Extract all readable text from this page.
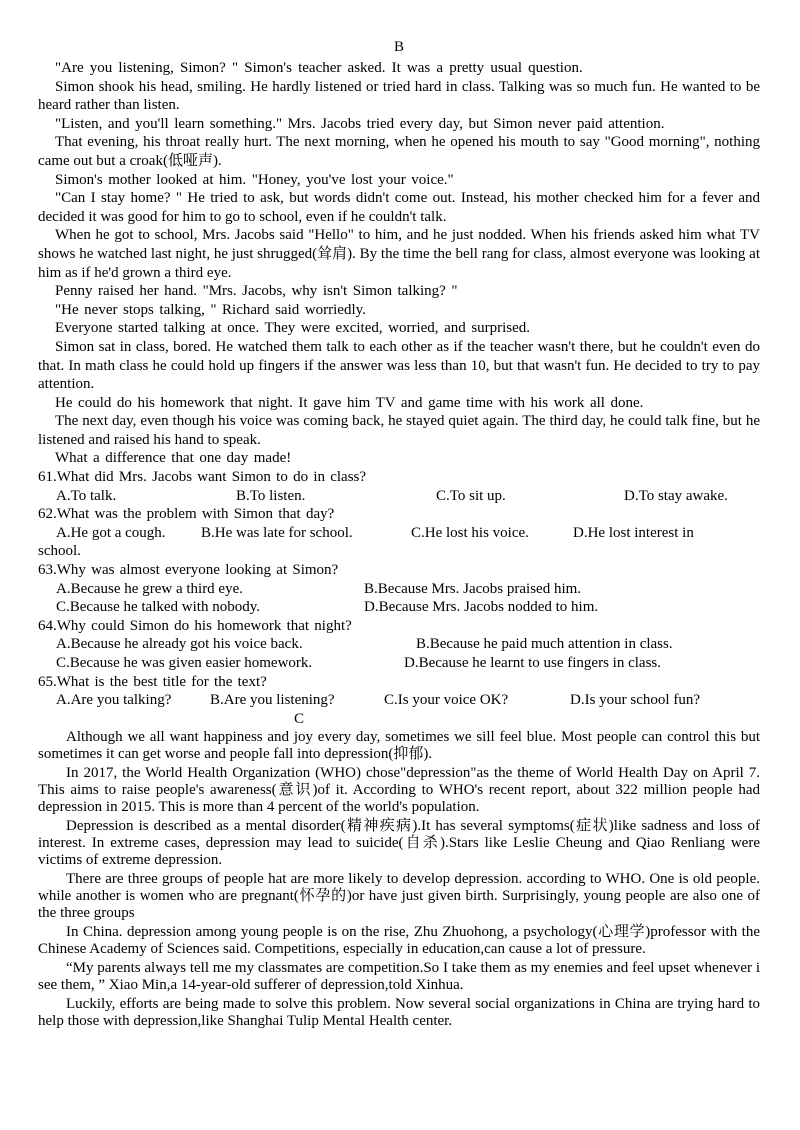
B

"Are you listening, Simon? " Simon's teacher asked. It was a pretty usual question.

Simon shook his head, smiling. He hardly listened or tried hard in class. Talking was so much fun. He wanted to be heard rather than listen.

"Listen, and you'll learn something." Mrs. Jacobs tried every day, but Simon never paid attention.

That evening, his throat really hurt. The next morning, when he opened his mouth to say "Good morning", nothing came out but a croak(低哑声).

Simon's mother looked at him. "Honey, you've lost your voice."

"Can I stay home? " He tried to ask, but words didn't come out. Instead, his mother checked him for a fever and decided it was good for him to go to school, even if he couldn't talk.

When he got to school, Mrs. Jacobs said "Hello" to him, and he just nodded. When his friends asked him what TV shows he watched last night, he just shrugged(耸肩). By the time the bell rang for class, almost everyone was looking at him as if he'd grown a third eye.

Penny raised her hand. "Mrs. Jacobs, why isn't Simon talking? "

"He never stops talking, " Richard said worriedly.

Everyone started talking at once. They were excited, worried, and surprised.

Simon sat in class, bored. He watched them talk to each other as if the teacher wasn't there, but he couldn't even do that. In math class he could hold up fingers if the answer was less than 10, but that wasn't fun. He decided to try to pay attention.

He could do his homework that night. It gave him TV and game time with his work all done.

The next day, even though his voice was coming back, he stayed quiet again. The third day, he could talk fine, but he listened and raised his hand to speak.

What a difference that one day made!

61.What did Mrs. Jacobs want Simon to do in class?

A.To talk.	B.To listen.	C.To sit up.	D.To stay awake.

62.What was the problem with Simon that day?

A.He got a cough.	B.He was late for school.	C.He lost his voice.	D.He lost interest in

school.

63.Why was almost everyone looking at Simon?

A.Because he grew a third eye.	B.Because Mrs. Jacobs praised him.
C.Because he talked with nobody.	D.Because Mrs. Jacobs nodded to him.

64.Why could Simon do his homework that night?

A.Because he already got his voice back.	B.Because he paid much attention in class.
C.Because he was given easier homework.	D.Because he learnt to use fingers in class.

65.What is the best title for the text?

A.Are you talking?	B.Are you listening?	C.Is your voice OK?	D.Is your school fun?
C

Although we all want happiness and joy every day, sometimes we sill feel blue. Most people can control this but sometimes it can get worse and people fall into depression(抑郁).

In 2017, the World Health Organization (WHO) chose"depression"as the theme of World Health Day on April 7. This aims to raise people's awareness(意识)of it. According to WHO's recent report, about 322 million people had depression in 2015. This is more than 4 percent of the world's population.

Depression is described as a mental disorder(精神疾病).It has several symptoms(症状)like sadness and loss of interest. In extreme cases, depression may lead to suicide(自杀).Stars like Leslie Cheung and Qiao Renliang were victims of extreme depression.

There are three groups of people hat are more likely to develop depression. according to WHO. One is old people. while another is women who are pregnant(怀孕的)or have just given birth. Surprisingly, young people are also one of the three groups

In China. depression among young people is on the rise, Zhu Zhuohong, a psychology(心理学)professor with the Chinese Academy of Sciences said. Competitions, especially in education,can cause a lot of pressure.

“My parents always tell me my classmates are competition.So I take them as my enemies and feel upset whenever i see them, ” Xiao Min,a 14-year-old sufferer of depression,told Xinhua.

Luckily, efforts are being made to solve this problem. Now several social organizations in China are trying hard to help those with depression,like Shanghai Tulip Mental Health center.
